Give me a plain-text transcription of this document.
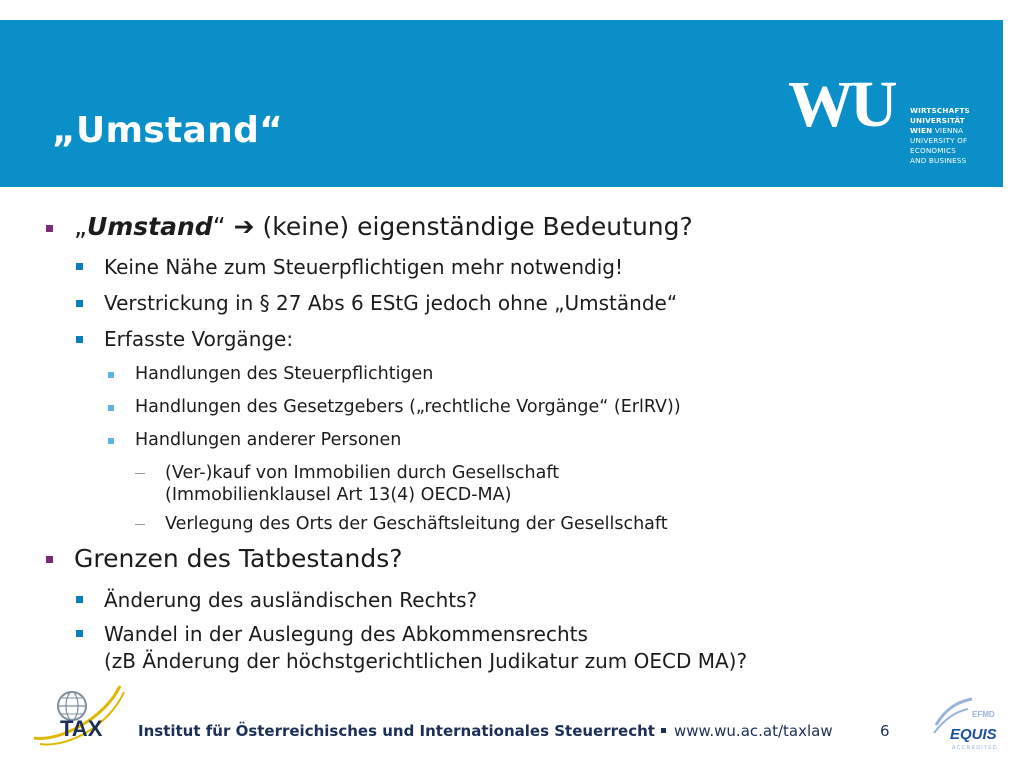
„Umstand“	WU	WIRTSCHAFTS
UNIVERSITÄT
WIEN VIENNA
UNIVERSITY OF
ECONOMICS
AND BUSINESS
„Umstand“ ➔ (keine) eigenständige Bedeutung?
Keine Nähe zum Steuerpflichtigen mehr notwendig!
Verstrickung in § 27 Abs 6 EStG jedoch ohne „Umstände“
Erfasste Vorgänge:
Handlungen des Steuerpflichtigen
Handlungen des Gesetzgebers („rechtliche Vorgänge“ (ErlRV))
Handlungen anderer Personen
(Ver-)kauf von Immobilien durch Gesellschaft
(Immobilienklausel Art 13(4) OECD-MA)
Verlegung des Orts der Geschäftsleitung der Gesellschaft
Grenzen des Tatbestands?
Änderung des ausländischen Rechts?
Wandel in der Auslegung des Abkommensrechts
(zB Änderung der höchstgerichtlichen Judikatur zum OECD MA)?
TAX Institut für Österreichisches und Internationales Steuerrecht www.wu.ac.at/taxlaw	6
EFMD
EQUIS
ACCREDITED
